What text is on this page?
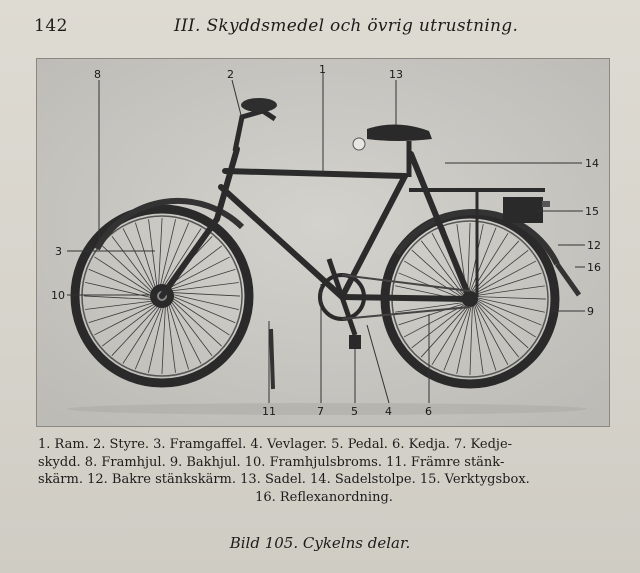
142	III. Skyddsmedel och övrig utrustning.
8	2	1	13
14
15
12
16
9
3
10
11	7 5 4	6
1. Ram. 2. Styre. 3. Framgaffel. 4. Vevlager. 5. Pedal. 6. Kedja. 7. Kedje-
skydd. 8. Framhjul. 9. Bakhjul. 10. Framhjulsbroms. 11. Främre stänk-
skärm. 12. Bakre stänkskärm. 13. Sadel. 14. Sadelstolpe. 15. Verktygsbox.
16. Reflexanordning.
Bild 105. Cykelns delar.
